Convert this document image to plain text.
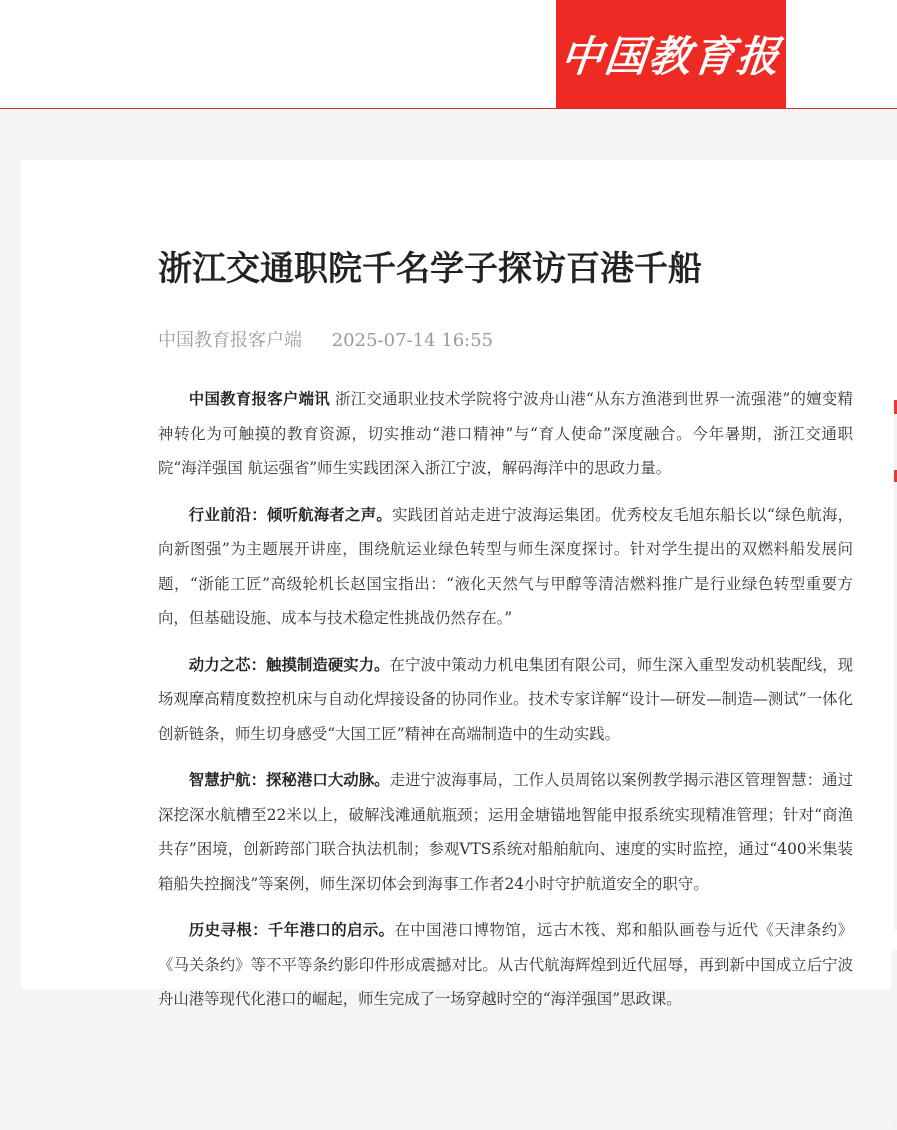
中国教育报
浙江交通职院千名学子探访百港千船
中国教育报客户端 2025-07-14 16:55

中国教育报客户端讯 浙江交通职业技术学院将宁波舟山港“从东方渔港到世界一流强港”的嬗变精神转化为可触摸的教育资源，切实推动“港口精神”与“育人使命”深度融合。今年暑期，浙江交通职院“海洋强国 航运强省”师生实践团深入浙江宁波，解码海洋中的思政力量。

行业前沿：倾听航海者之声。实践团首站走进宁波海运集团。优秀校友毛旭东船长以“绿色航海，向新图强”为主题展开讲座，围绕航运业绿色转型与师生深度探讨。针对学生提出的双燃料船发展问题，“浙能工匠”高级轮机长赵国宝指出：“液化天然气与甲醇等清洁燃料推广是行业绿色转型重要方向，但基础设施、成本与技术稳定性挑战仍然存在。”

动力之芯：触摸制造硬实力。在宁波中策动力机电集团有限公司，师生深入重型发动机装配线，现场观摩高精度数控机床与自动化焊接设备的协同作业。技术专家详解“设计—研发—制造—测试”一体化创新链条，师生切身感受“大国工匠”精神在高端制造中的生动实践。

智慧护航：探秘港口大动脉。走进宁波海事局，工作人员周铭以案例教学揭示港区管理智慧：通过深挖深水航槽至22米以上，破解浅滩通航瓶颈；运用金塘锚地智能申报系统实现精准管理；针对“商渔共存”困境，创新跨部门联合执法机制；参观VTS系统对船舶航向、速度的实时监控，通过“400米集装箱船失控搁浅”等案例，师生深切体会到海事工作者24小时守护航道安全的职守。

历史寻根：千年港口的启示。在中国港口博物馆，远古木筏、郑和船队画卷与近代《天津条约》《马关条约》等不平等条约影印件形成震撼对比。从古代航海辉煌到近代屈辱，再到新中国成立后宁波舟山港等现代化港口的崛起，师生完成了一场穿越时空的“海洋强国”思政课。
